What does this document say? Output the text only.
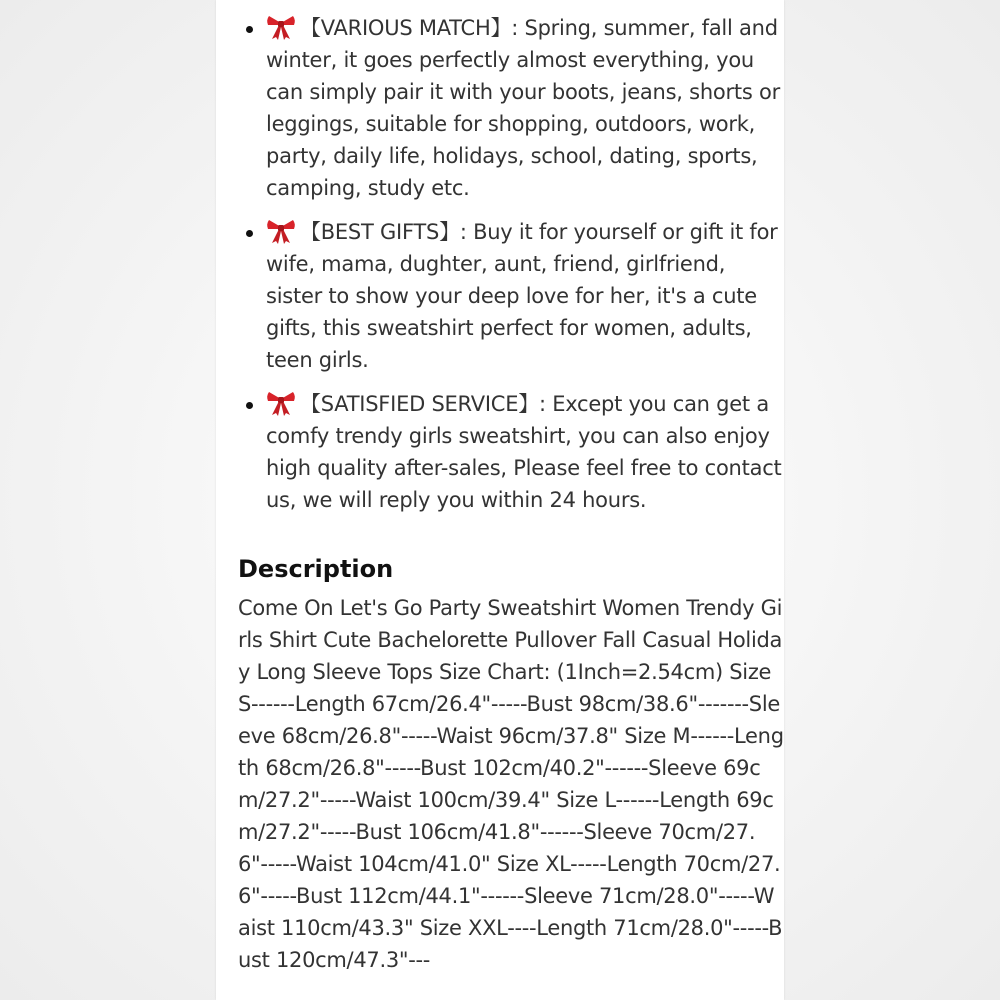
【VARIOUS MATCH】: Spring, summer, fall and winter, it goes perfectly almost everything, you can simply pair it with your boots, jeans, shorts or leggings, suitable for shopping, outdoors, work, party, daily life, holidays, school, dating, sports, camping, study etc.
【BEST GIFTS】: Buy it for yourself or gift it for wife, mama, dughter, aunt, friend, girlfriend, sister to show your deep love for her, it's a cute gifts, this sweatshirt perfect for women, adults, teen girls.
【SATISFIED SERVICE】: Except you can get a comfy trendy girls sweatshirt, you can also enjoy high quality after-sales, Please feel free to contact us, we will reply you within 24 hours.
Description

Come On Let's Go Party Sweatshirt Women Trendy Girls Shirt Cute Bachelorette Pullover Fall Casual Holiday Long Sleeve Tops Size Chart: (1Inch=2.54cm) Size S------Length 67cm/26.4"-----Bust 98cm/38.6"-------Sleeve 68cm/26.8"-----Waist 96cm/37.8" Size M------Length 68cm/26.8"-----Bust 102cm/40.2"------Sleeve 69cm/27.2"-----Waist 100cm/39.4" Size L------Length 69cm/27.2"-----Bust 106cm/41.8"------Sleeve 70cm/27.6"-----Waist 104cm/41.0" Size XL-----Length 70cm/27.6"-----Bust 112cm/44.1"------Sleeve 71cm/28.0"-----Waist 110cm/43.3" Size XXL----Length 71cm/28.0"-----Bust 120cm/47.3"---
